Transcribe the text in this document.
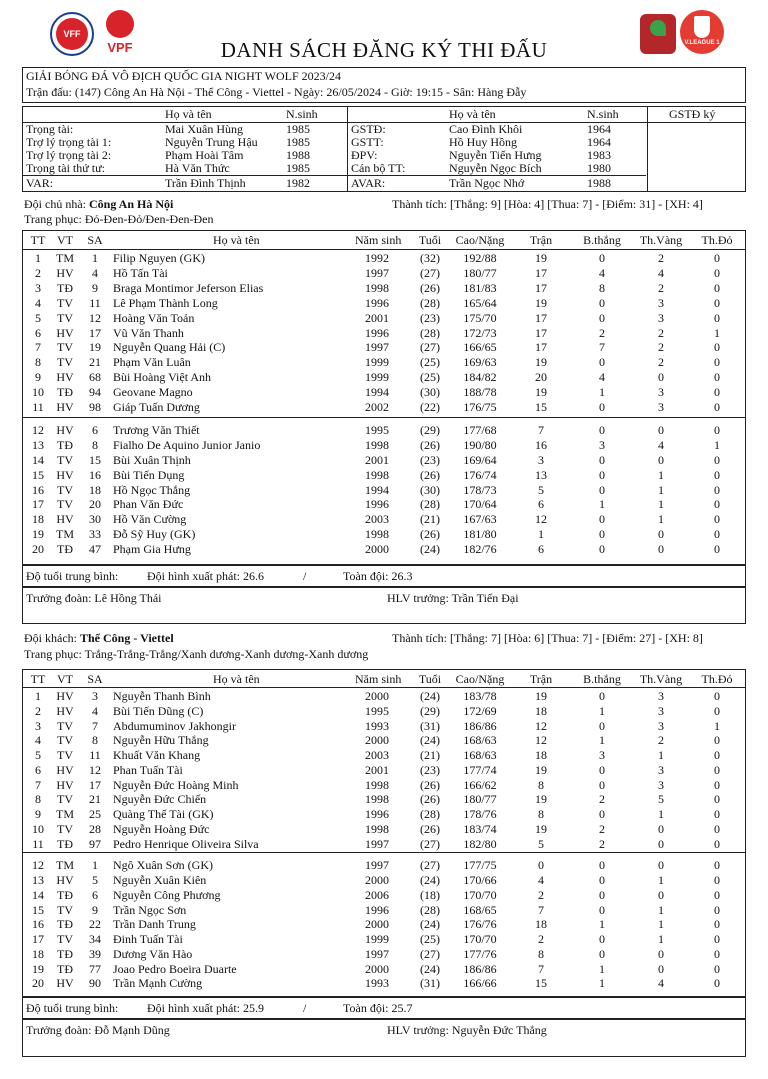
VFF
VPF	V.LEAGUE 1
DANH SÁCH ĐĂNG KÝ THI ĐẤU
GIẢI BÓNG ĐÁ VÔ ĐỊCH QUỐC GIA NIGHT WOLF 2023/24
Trận đấu: (147) Công An Hà Nội - Thể Công - Viettel - Ngày: 26/05/2024 - Giờ: 19:15 - Sân: Hàng Đẫy
Họ và tên	N.sinh	Họ và tên	N.sinh	GSTĐ ký
Trọng tài:	Mai Xuân Hùng	1985
Trợ lý trọng tài 1:	Nguyễn Trung Hậu 1985
Trợ lý trọng tài 2:	Phạm Hoài Tâm	1988
Trọng tài thứ tư:	Hà Văn Thức	1985
VAR:	Trần Đình Thịnh	1982
GSTĐ:	Cao Đình Khôi	1964
GSTT:	Hồ Huy Hồng	1964
ĐPV:	Nguyễn Tiến Hưng	1983
Cán bộ TT:	Nguyễn Ngọc Bích	1980
AVAR:	Trần Ngọc Nhớ	1988
Đội chủ nhà: Công An Hà Nội	Thành tích: [Thắng: 9] [Hòa: 4] [Thua: 7] - [Điểm: 31] - [XH: 4]
Trang phục: Đỏ-Đen-Đỏ/Đen-Đen-Đen
TT VT	SA	Họ và tên	Năm sinh	Tuổi	Cao/Nặng	Trận	B.thắng	Th.Vàng	Th.Đỏ
1	TM	1	Filip Nguyen (GK)	1992	(32)	192/88	19	0	2	0
2	HV	4	Hồ Tấn Tài	1997	(27)	180/77	17	4	4	0
3	TĐ	9	Braga Montimor Jeferson Elias	1998	(26)	181/83	17	8	2	0
4	TV	11	Lê Phạm Thành Long	1996	(28)	165/64	19	0	3	0
5	TV	12	Hoàng Văn Toản	2001	(23)	175/70	17	0	3	0
6	HV	17	Vũ Văn Thanh	1996	(28)	172/73	17	2	2	1
7	TV	19	Nguyễn Quang Hải (C)	1997	(27)	166/65	17	7	2	0
8	TV	21	Phạm Văn Luân	1999	(25)	169/63	19	0	2	0
9	HV	68	Bùi Hoàng Việt Anh	1999	(25)	184/82	20	4	0	0
10	TĐ	94	Geovane Magno	1994	(30)	188/78	19	1	3	0
11	HV	98	Giáp Tuấn Dương	2002	(22)	176/75	15	0	3	0
12	HV	6	Trương Văn Thiết	1995	(29)	177/68	7	0	0	0
13	TĐ	8	Fialho De Aquino Junior Janio	1998	(26)	190/80	16	3	4	1
14	TV	15	Bùi Xuân Thịnh	2001	(23)	169/64	3	0	0	0
15	HV	16	Bùi Tiến Dụng	1998	(26)	176/74	13	0	1	0
16	TV	18	Hồ Ngọc Thắng	1994	(30)	178/73	5	0	1	0
17	TV	20	Phan Văn Đức	1996	(28)	170/64	6	1	1	0
18	HV	30	Hồ Văn Cường	2003	(21)	167/63	12	0	1	0
19	TM	33	Đỗ Sỹ Huy (GK)	1998	(26)	181/80	1	0	0	0
20	TĐ	47	Phạm Gia Hưng	2000	(24)	182/76	6	0	0	0
Độ tuổi trung bình: Đội hình xuất phát: 26.6	/	Toàn đội: 26.3
Trưởng đoàn: Lê Hồng Thái	HLV trưởng: Trần Tiến Đại
Đội khách: Thể Công - Viettel	Thành tích: [Thắng: 7] [Hòa: 6] [Thua: 7] - [Điểm: 27] - [XH: 8]
Trang phục: Trắng-Trắng-Trắng/Xanh dương-Xanh dương-Xanh dương
TT VT	SA	Họ và tên	Năm sinh	Tuổi	Cao/Nặng	Trận	B.thắng	Th.Vàng	Th.Đỏ
1	HV	3	Nguyễn Thanh Bình	2000	(24)	183/78	19	0	3	0
2	HV	4	Bùi Tiến Dũng (C)	1995	(29)	172/69	18	1	3	0
3	TV	7	Abdumuminov Jakhongir	1993	(31)	186/86	12	0	3	1
4	TV	8	Nguyễn Hữu Thắng	2000	(24)	168/63	12	1	2	0
5	TV	11	Khuất Văn Khang	2003	(21)	168/63	18	3	1	0
6	HV	12	Phan Tuấn Tài	2001	(23)	177/74	19	0	3	0
7	HV	17	Nguyễn Đức Hoàng Minh	1998	(26)	166/62	8	0	3	0
8	TV	21	Nguyễn Đức Chiến	1998	(26)	180/77	19	2	5	0
9	TM	25	Quàng Thế Tài (GK)	1996	(28)	178/76	8	0	1	0
10	TV	28	Nguyễn Hoàng Đức	1998	(26)	183/74	19	2	0	0
11	TĐ	97	Pedro Henrique Oliveira Silva	1997	(27)	182/80	5	2	0	0
12	TM	1	Ngô Xuân Sơn (GK)	1997	(27)	177/75	0	0	0	0
13	HV	5	Nguyễn Xuân Kiên	2000	(24)	170/66	4	0	1	0
14	TĐ	6	Nguyễn Công Phương	2006	(18)	170/70	2	0	0	0
15	TV	9	Trần Ngọc Sơn	1996	(28)	168/65	7	0	1	0
16	TĐ	22	Trần Danh Trung	2000	(24)	176/76	18	1	1	0
17	TV	34	Đinh Tuấn Tài	1999	(25)	170/70	2	0	1	0
18	TĐ	39	Dương Văn Hào	1997	(27)	177/76	8	0	0	0
19	TĐ	77	Joao Pedro Boeira Duarte	2000	(24)	186/86	7	1	0	0
20	HV	90	Trần Mạnh Cường	1993	(31)	166/66	15	1	4	0
Độ tuổi trung bình: Đội hình xuất phát: 25.9	/	Toàn đội: 25.7
Trưởng đoàn: Đỗ Mạnh Dũng	HLV trưởng: Nguyễn Đức Thắng
